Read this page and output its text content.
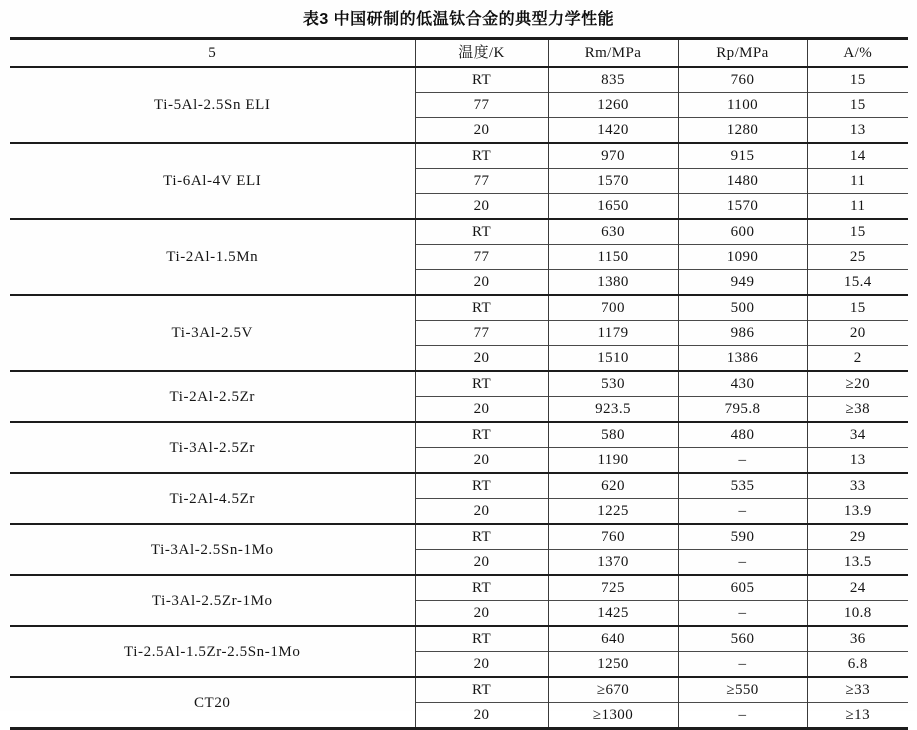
表3 中国研制的低温钛合金的典型力学性能
5	温度/K	Rm/MPa	Rp/MPa	A/%
Ti-5Al-2.5Sn ELI	RT	835	760	15
	77	1260	1100	15
	20	1420	1280	13
Ti-6Al-4V ELI	RT	970	915	14
	77	1570	1480	11
	20	1650	1570	11
Ti-2Al-1.5Mn	RT	630	600	15
	77	1150	1090	25
	20	1380	949	15.4
Ti-3Al-2.5V	RT	700	500	15
	77	1179	986	20
	20	1510	1386	2
Ti-2Al-2.5Zr	RT	530	430	≥20
	20	923.5	795.8	≥38
Ti-3Al-2.5Zr	RT	580	480	34
	20	1190	–	13
Ti-2Al-4.5Zr	RT	620	535	33
	20	1225	–	13.9
Ti-3Al-2.5Sn-1Mo	RT	760	590	29
	20	1370	–	13.5
Ti-3Al-2.5Zr-1Mo	RT	725	605	24
	20	1425	–	10.8
Ti-2.5Al-1.5Zr-2.5Sn-1Mo	RT	640	560	36
	20	1250	–	6.8
CT20	RT	≥670	≥550	≥33
	20	≥1300	–	≥13
